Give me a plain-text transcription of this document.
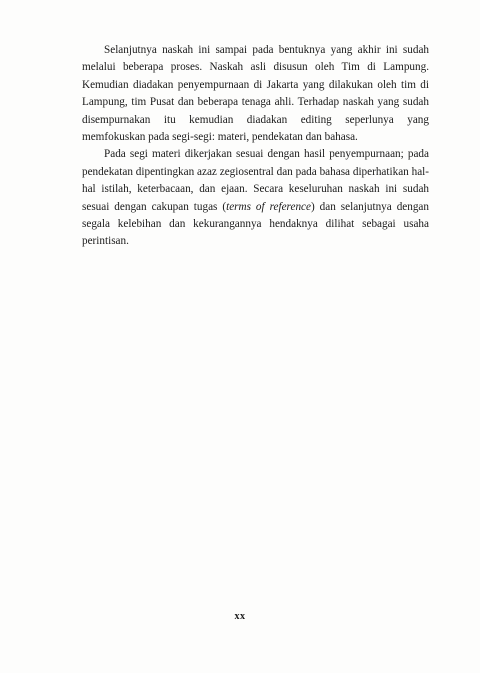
Selanjutnya naskah ini sampai pada bentuknya yang akhir ini sudah melalui beberapa proses. Naskah asli disusun oleh Tim di Lampung. Kemudian diadakan penyempurnaan di Jakarta yang dilakukan oleh tim di Lampung, tim Pusat dan beberapa tenaga ahli. Terhadap naskah yang sudah disempurnakan itu kemudian diadakan editing seperlunya yang memfokuskan pada segi-segi: materi, pendekatan dan bahasa.

Pada segi materi dikerjakan sesuai dengan hasil penyempurnaan; pada pendekatan dipentingkan azaz zegiosentral dan pada bahasa diperhatikan hal-hal istilah, keterbacaan, dan ejaan. Secara keseluruhan naskah ini sudah sesuai dengan cakupan tugas (terms of reference) dan selanjutnya dengan segala kelebihan dan kekurangannya hendaknya dilihat sebagai usaha perintisan.

xx
